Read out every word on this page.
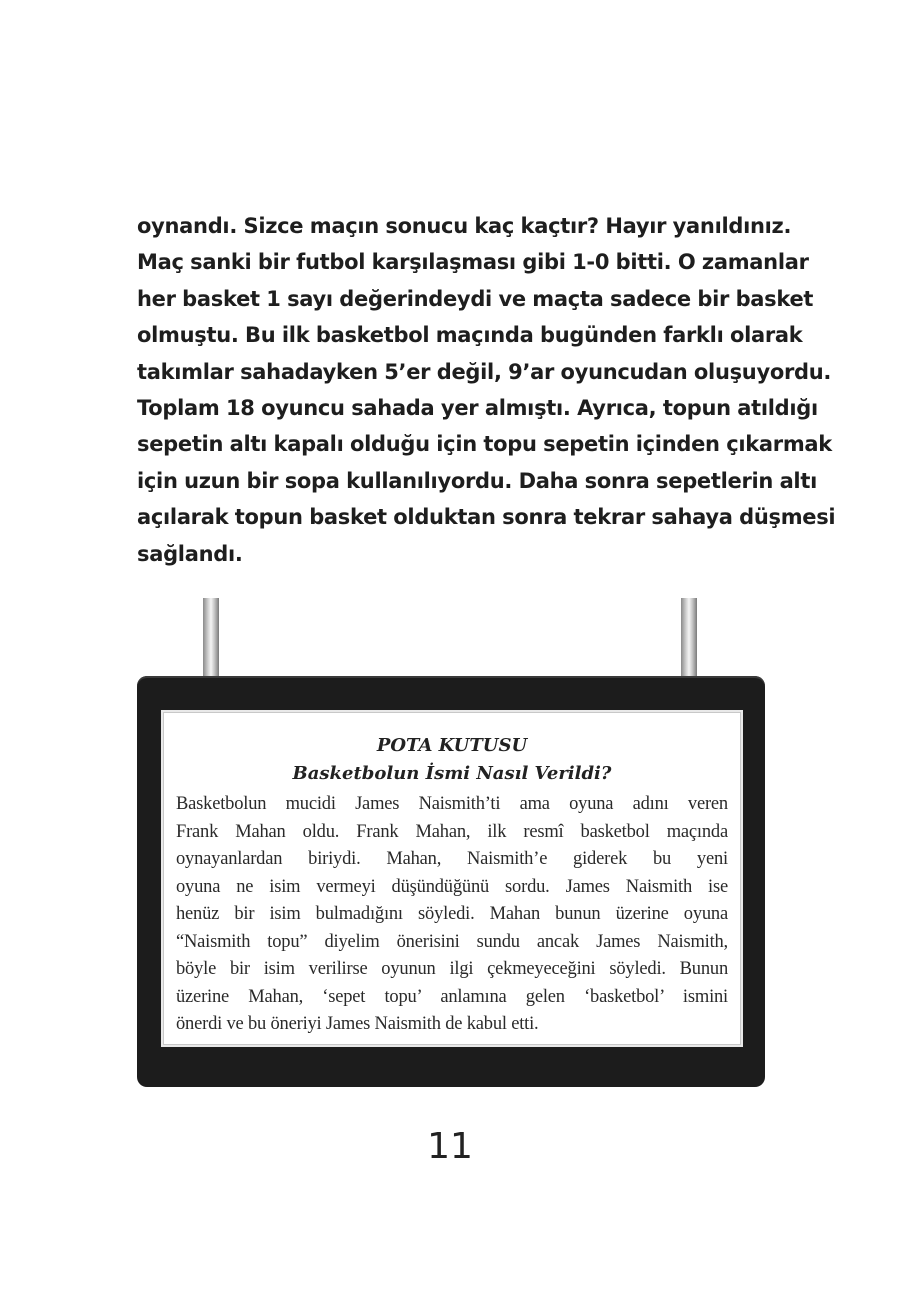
oynandı. Sizce maçın sonucu kaç kaçtır? Hayır yanıldınız.
Maç sanki bir futbol karşılaşması gibi 1-0 bitti. O zamanlar
her basket 1 sayı değerindeydi ve maçta sadece bir basket
olmuştu. Bu ilk basketbol maçında bugünden farklı olarak
takımlar sahadayken 5’er değil, 9’ar oyuncudan oluşuyordu.
Toplam 18 oyuncu sahada yer almıştı. Ayrıca, topun atıldığı
sepetin altı kapalı olduğu için topu sepetin içinden çıkarmak
için uzun bir sopa kullanılıyordu. Daha sonra sepetlerin altı
açılarak topun basket olduktan sonra tekrar sahaya düşmesi
sağlandı.

POTA KUTUSU
Basketbolun İsmi Nasıl Verildi?

Basketbolun mucidi James Naismith’ti ama oyuna adını veren
Frank Mahan oldu. Frank Mahan, ilk resmî basketbol maçında
oynayanlardan biriydi. Mahan, Naismith’e giderek bu yeni
oyuna ne isim vermeyi düşündüğünü sordu. James Naismith ise
henüz bir isim bulmadığını söyledi. Mahan bunun üzerine oyuna
“Naismith topu” diyelim önerisini sundu ancak James Naismith,
böyle bir isim verilirse oyunun ilgi çekmeyeceğini söyledi. Bunun
üzerine Mahan, ‘sepet topu’ anlamına gelen ‘basketbol’ ismini
önerdi ve bu öneriyi James Naismith de kabul etti.

11
